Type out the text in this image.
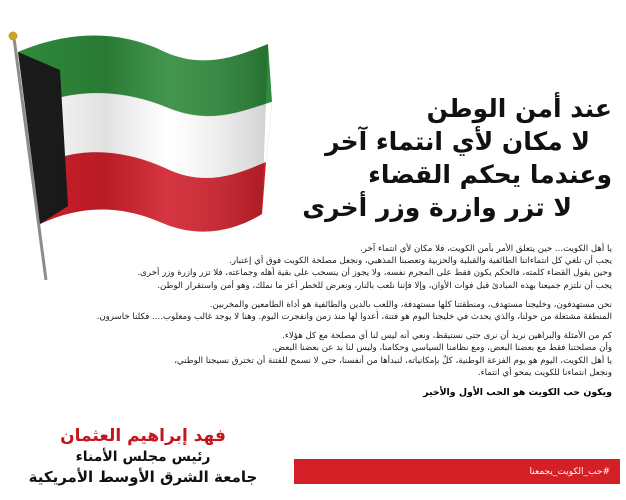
عند أمن الوطن
لا مكان لأي انتماء آخر
وعندما يحكم القضاء
لا تزر وازرة وزر أخرى
يا أهل الكويت... حين يتعلق الأمر بأمن الكويت، فلا مكان لأي انتماء آخر.
يجب أن نلغي كل انتماءاتنا الطائفية والقبلية والحزبية وتعصبنا المذهبي، ونجعل مصلحة الكويت فوق أي إعتبار.
وحين يقول القضاء كلمته، فالحكم يكون فقط على المجرم نفسه، ولا يجوز أن ينسحب على بقية أهله وجماعته، فلا تزر وازرة وزر أخرى.
يجب أن نلتزم جميعنا بهذه المبادئ قبل فوات الأوان، وإلا فإننا نلعب بالنار، ونعرض للخطر أعز ما نملك، وهو أمن واستقرار الوطن.
نحن مستهدفون، وخليجنا مستهدف، ومنطقتنا كلها مستهدفة، واللعب بالدين والطائفية هو أداة الطامعين والمخربين.
المنطقة مشتعلة من حولنا، والذي يحدث في خليجنا اليوم هو فتنة، أعدوا لها منذ زمن وانفجرت اليوم. وهنا لا يوجد غالب ومغلوب.... فكلنا خاسرون.
كم من الأمثلة والبراهين نريد أن نرى حتى نستيقظ، ونعي أنه ليس لنا أي مصلحة مع كل هؤلاء.
وأن مصلحتنا فقط مع بعضنا البعض، ومع نظامنا السياسي وحكامنا، وليس لنا بد عن بعضنا البعض.
يا أهل الكويت، اليوم هو يوم الفزعة الوطنية، كلٌ بإمكانياته، لنبدأها من أنفسنا، حتى لا نسمح للفتنة أن تخترق نسيجنا الوطني،
ونجعل انتماءنا للكويت يمحو أي انتماء.
ويكون حب الكويت هو الحب الأول والأخير
فهد إبراهيم العثمان
رئيس مجلس الأمناء
جامعة الشرق الأوسط الأمريكية	#حب_الكويت_يجمعنا
